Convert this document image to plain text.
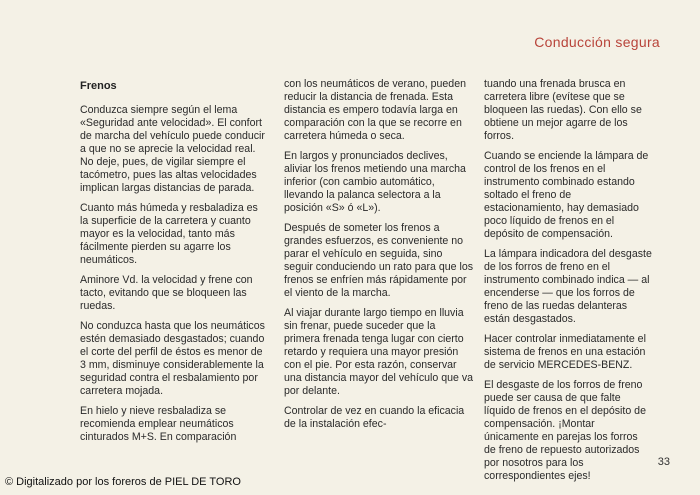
Conducción segura
Frenos

Conduzca siempre según el lema «Seguridad ante velocidad». El confort de marcha del vehículo puede conducir a que no se aprecie la velocidad real. No deje, pues, de vigilar siempre el tacómetro, pues las altas velocidades implican largas distancias de parada.

Cuanto más húmeda y resbaladiza es la superficie de la carretera y cuanto mayor es la velocidad, tanto más fácilmente pierden su agarre los neumáticos.

Aminore Vd. la velocidad y frene con tacto, evitando que se bloqueen las ruedas.

No conduzca hasta que los neumáticos estén demasiado desgastados; cuando el corte del perfil de éstos es menor de 3 mm, disminuye considerablemente la seguridad contra el resbalamiento por carretera mojada.

En hielo y nieve resbaladiza se recomienda emplear neumáticos cinturados M+S. En comparación

con los neumáticos de verano, pueden reducir la distancia de frenada. Esta distancia es empero todavía larga en comparación con la que se recorre en carretera húmeda o seca.

En largos y pronunciados declives, aliviar los frenos metiendo una marcha inferior (con cambio automático, llevando la palanca selectora a la posición «S» ó «L»).

Después de someter los frenos a grandes esfuerzos, es conveniente no parar el vehículo en seguida, sino seguir conduciendo un rato para que los frenos se enfríen más rápidamente por el viento de la marcha.

Al viajar durante largo tiempo en lluvia sin frenar, puede suceder que la primera frenada tenga lugar con cierto retardo y requiera una mayor presión con el pie. Por esta razón, conservar una distancia mayor del vehículo que va por delante.

Controlar de vez en cuando la eficacia de la instalación efec-

tuando una frenada brusca en carretera libre (evítese que se bloqueen las ruedas). Con ello se obtiene un mejor agarre de los forros.

Cuando se enciende la lámpara de control de los frenos en el instrumento combinado estando soltado el freno de estacionamiento, hay demasiado poco líquido de frenos en el depósito de compensación.

La lámpara indicadora del desgaste de los forros de freno en el instrumento combinado indica — al encenderse — que los forros de freno de las ruedas delanteras están desgastados.

Hacer controlar inmediatamente el sistema de frenos en una estación de servicio MERCEDES-BENZ.

El desgaste de los forros de freno puede ser causa de que falte líquido de frenos en el depósito de compensación. ¡Montar únicamente en parejas los forros de freno de repuesto autorizados por nosotros para los correspondientes ejes!

33
© Digitalizado por los foreros de PIEL DE TORO
